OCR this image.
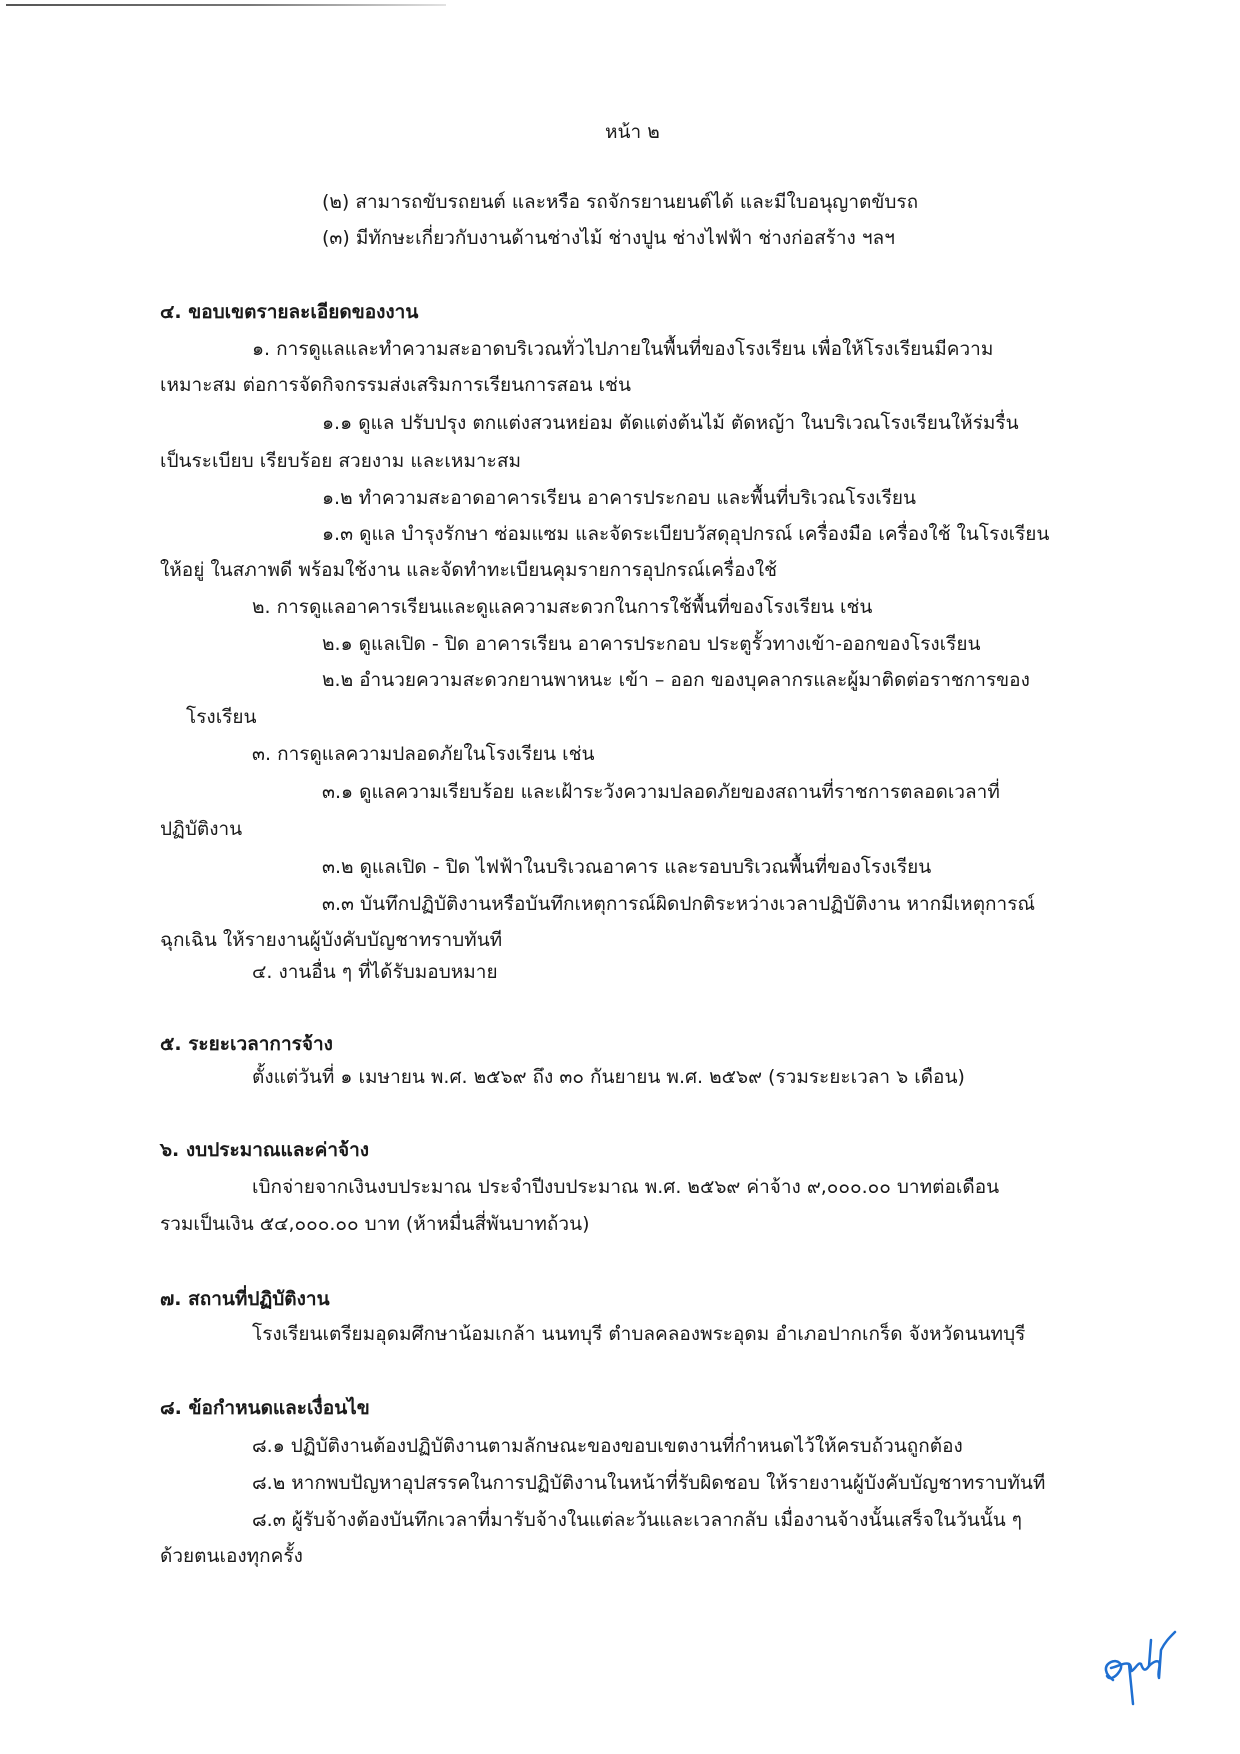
หน้า ๒
(๒) สามารถขับรถยนต์ และหรือ รถจักรยานยนต์ได้ และมีใบอนุญาตขับรถ
(๓) มีทักษะเกี่ยวกับงานด้านช่างไม้ ช่างปูน ช่างไฟฟ้า ช่างก่อสร้าง ฯลฯ
๔. ขอบเขตรายละเอียดของงาน
๑. การดูแลและทำความสะอาดบริเวณทั่วไปภายในพื้นที่ของโรงเรียน เพื่อให้โรงเรียนมีความ
เหมาะสม ต่อการจัดกิจกรรมส่งเสริมการเรียนการสอน เช่น
๑.๑ ดูแล ปรับปรุง ตกแต่งสวนหย่อม ตัดแต่งต้นไม้ ตัดหญ้า ในบริเวณโรงเรียนให้ร่มรื่น
เป็นระเบียบ เรียบร้อย สวยงาม และเหมาะสม
๑.๒ ทำความสะอาดอาคารเรียน อาคารประกอบ และพื้นที่บริเวณโรงเรียน
๑.๓ ดูแล บำรุงรักษา ซ่อมแซม และจัดระเบียบวัสดุอุปกรณ์ เครื่องมือ เครื่องใช้ ในโรงเรียน
ให้อยู่ ในสภาพดี พร้อมใช้งาน และจัดทำทะเบียนคุมรายการอุปกรณ์เครื่องใช้
๒. การดูแลอาคารเรียนและดูแลความสะดวกในการใช้พื้นที่ของโรงเรียน เช่น
๒.๑ ดูแลเปิด - ปิด อาคารเรียน อาคารประกอบ ประตูรั้วทางเข้า-ออกของโรงเรียน
๒.๒ อำนวยความสะดวกยานพาหนะ เข้า – ออก ของบุคลากรและผู้มาติดต่อราชการของ
โรงเรียน
๓. การดูแลความปลอดภัยในโรงเรียน เช่น
๓.๑ ดูแลความเรียบร้อย และเฝ้าระวังความปลอดภัยของสถานที่ราชการตลอดเวลาที่
ปฏิบัติงาน
๓.๒ ดูแลเปิด - ปิด ไฟฟ้าในบริเวณอาคาร และรอบบริเวณพื้นที่ของโรงเรียน
๓.๓ บันทึกปฏิบัติงานหรือบันทึกเหตุการณ์ผิดปกติระหว่างเวลาปฏิบัติงาน หากมีเหตุการณ์
ฉุกเฉิน ให้รายงานผู้บังคับบัญชาทราบทันที
๔. งานอื่น ๆ ที่ได้รับมอบหมาย
๕. ระยะเวลาการจ้าง
ตั้งแต่วันที่ ๑ เมษายน พ.ศ. ๒๕๖๙ ถึง ๓๐ กันยายน พ.ศ. ๒๕๖๙ (รวมระยะเวลา ๖ เดือน)
๖. งบประมาณและค่าจ้าง
เบิกจ่ายจากเงินงบประมาณ ประจำปีงบประมาณ พ.ศ. ๒๕๖๙ ค่าจ้าง ๙,๐๐๐.๐๐ บาทต่อเดือน
รวมเป็นเงิน ๕๔,๐๐๐.๐๐ บาท (ห้าหมื่นสี่พันบาทถ้วน)
๗. สถานที่ปฏิบัติงาน
โรงเรียนเตรียมอุดมศึกษาน้อมเกล้า นนทบุรี ตำบลคลองพระอุดม อำเภอปากเกร็ด จังหวัดนนทบุรี
๘. ข้อกำหนดและเงื่อนไข
๘.๑ ปฏิบัติงานต้องปฏิบัติงานตามลักษณะของขอบเขตงานที่กำหนดไว้ให้ครบถ้วนถูกต้อง
๘.๒ หากพบปัญหาอุปสรรคในการปฏิบัติงานในหน้าที่รับผิดชอบ ให้รายงานผู้บังคับบัญชาทราบทันที
๘.๓ ผู้รับจ้างต้องบันทึกเวลาที่มารับจ้างในแต่ละวันและเวลากลับ เมื่องานจ้างนั้นเสร็จในวันนั้น ๆ
ด้วยตนเองทุกครั้ง
